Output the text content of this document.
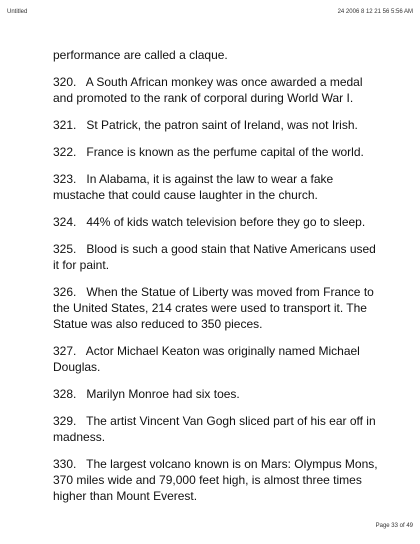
Untitled	24 2006 8 12 21 56 5:56 AM

performance are called a claque.

320.   A South African monkey was once awarded a medal and promoted to the rank of corporal during World War I.

321.   St Patrick, the patron saint of Ireland, was not Irish.

322.   France is known as the perfume capital of the world.

323.   In Alabama, it is against the law to wear a fake mustache that could cause laughter in the church.

324.   44% of kids watch television before they go to sleep.

325.   Blood is such a good stain that Native Americans used it for paint.

326.   When the Statue of Liberty was moved from France to the United States, 214 crates were used to transport it. The Statue was also reduced to 350 pieces.

327.   Actor Michael Keaton was originally named Michael Douglas.

328.   Marilyn Monroe had six toes.

329.   The artist Vincent Van Gogh sliced part of his ear off in madness.

330.   The largest volcano known is on Mars: Olympus Mons, 370 miles wide and 79,000 feet high, is almost three times higher than Mount Everest.

Page 33 of 49
